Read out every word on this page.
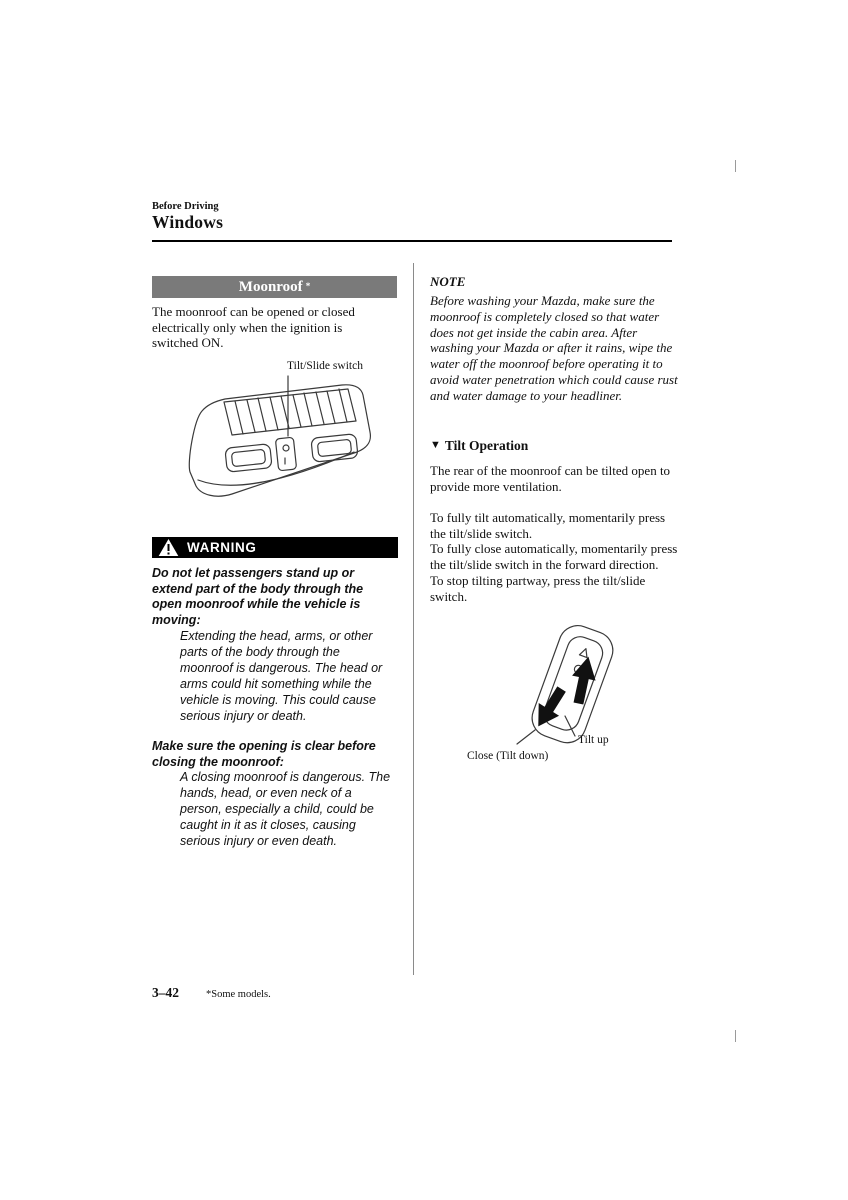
Before Driving
Windows
Moonroof *
The moonroof can be opened or closed electrically only when the ignition is switched ON.
Tilt/Slide switch
WARNING
Do not let passengers stand up or extend part of the body through the open moonroof while the vehicle is moving:
Extending the head, arms, or other parts of the body through the moonroof is dangerous. The head or arms could hit something while the vehicle is moving. This could cause serious injury or death.
Make sure the opening is clear before closing the moonroof:
A closing moonroof is dangerous. The hands, head, or even neck of a person, especially a child, could be caught in it as it closes, causing serious injury or even death.
NOTE
Before washing your Mazda, make sure the moonroof is completely closed so that water does not get inside the cabin area. After washing your Mazda or after it rains, wipe the water off the moonroof before operating it to avoid water penetration which could cause rust and water damage to your headliner.
▼ Tilt Operation
The rear of the moonroof can be tilted open to provide more ventilation.
To fully tilt automatically, momentarily press the tilt/slide switch.
To fully close automatically, momentarily press the tilt/slide switch in the forward direction.
To stop tilting partway, press the tilt/slide switch.
Tilt up
Close (Tilt down)
3–42	*Some models.
